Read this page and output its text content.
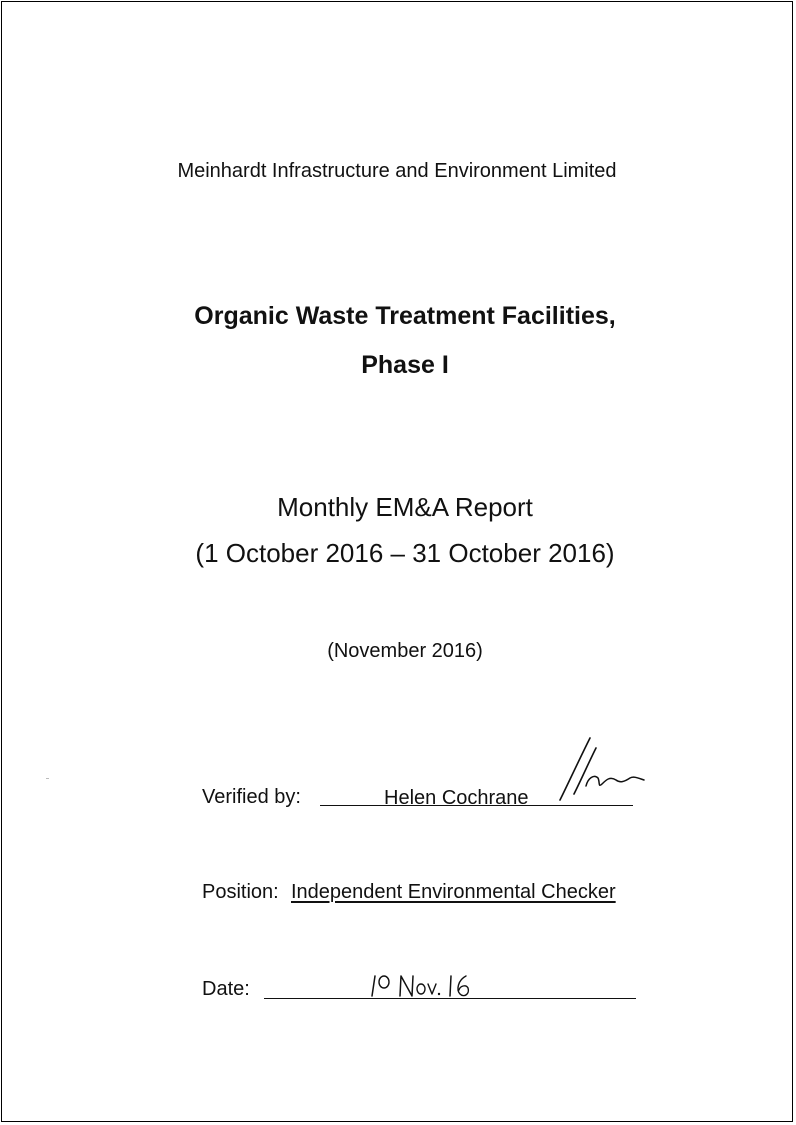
Meinhardt Infrastructure and Environment Limited
Organic Waste Treatment Facilities,
Phase I
Monthly EM&A Report
(1 October 2016 – 31 October 2016)
(November 2016)
Verified by:	Helen Cochrane
Position: Independent Environmental Checker
Date:
